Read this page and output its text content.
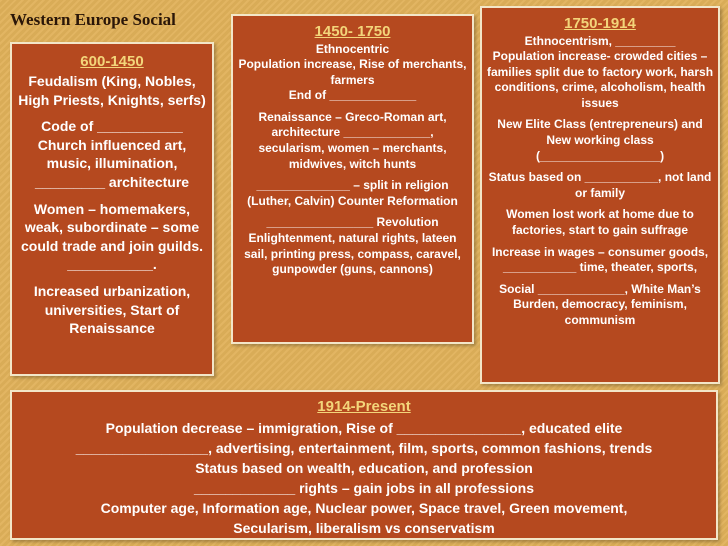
Western Europe Social
600-1450

Feudalism (King, Nobles, High Priests, Knights, serfs)

Code of ___________ Church influenced art, music, illumination, _________ architecture

Women – homemakers, weak, subordinate – some could trade and join guilds. ___________.

Increased urbanization, universities, Start of Renaissance

1450- 1750
Ethnocentric
Population increase, Rise of merchants, farmers

End of _____________

Renaissance – Greco-Roman art, architecture _____________, secularism, women – merchants, midwives, witch hunts

______________ – split in religion (Luther, Calvin) Counter Reformation

________________ Revolution Enlightenment, natural rights, lateen sail, printing press, compass, caravel, gunpowder (guns, cannons)

1750-1914
Ethnocentrism, _________

Population increase- crowded cities – families split due to factory work, harsh conditions, crime, alcoholism, health issues

New Elite Class (entrepreneurs) and New working class (__________________)

Status based on ___________, not land or family

Women lost work at home due to factories, start to gain suffrage

Increase in wages – consumer goods, ___________ time, theater, sports,

Social _____________, White Man’s Burden, democracy, feminism, communism

1914-Present

Population decrease – immigration, Rise of ________________, educated elite

_________________, advertising, entertainment, film, sports, common fashions, trends

Status based on wealth, education, and profession

_____________ rights – gain jobs in all professions

Computer age, Information age, Nuclear power, Space travel, Green movement,

Secularism, liberalism vs conservatism
